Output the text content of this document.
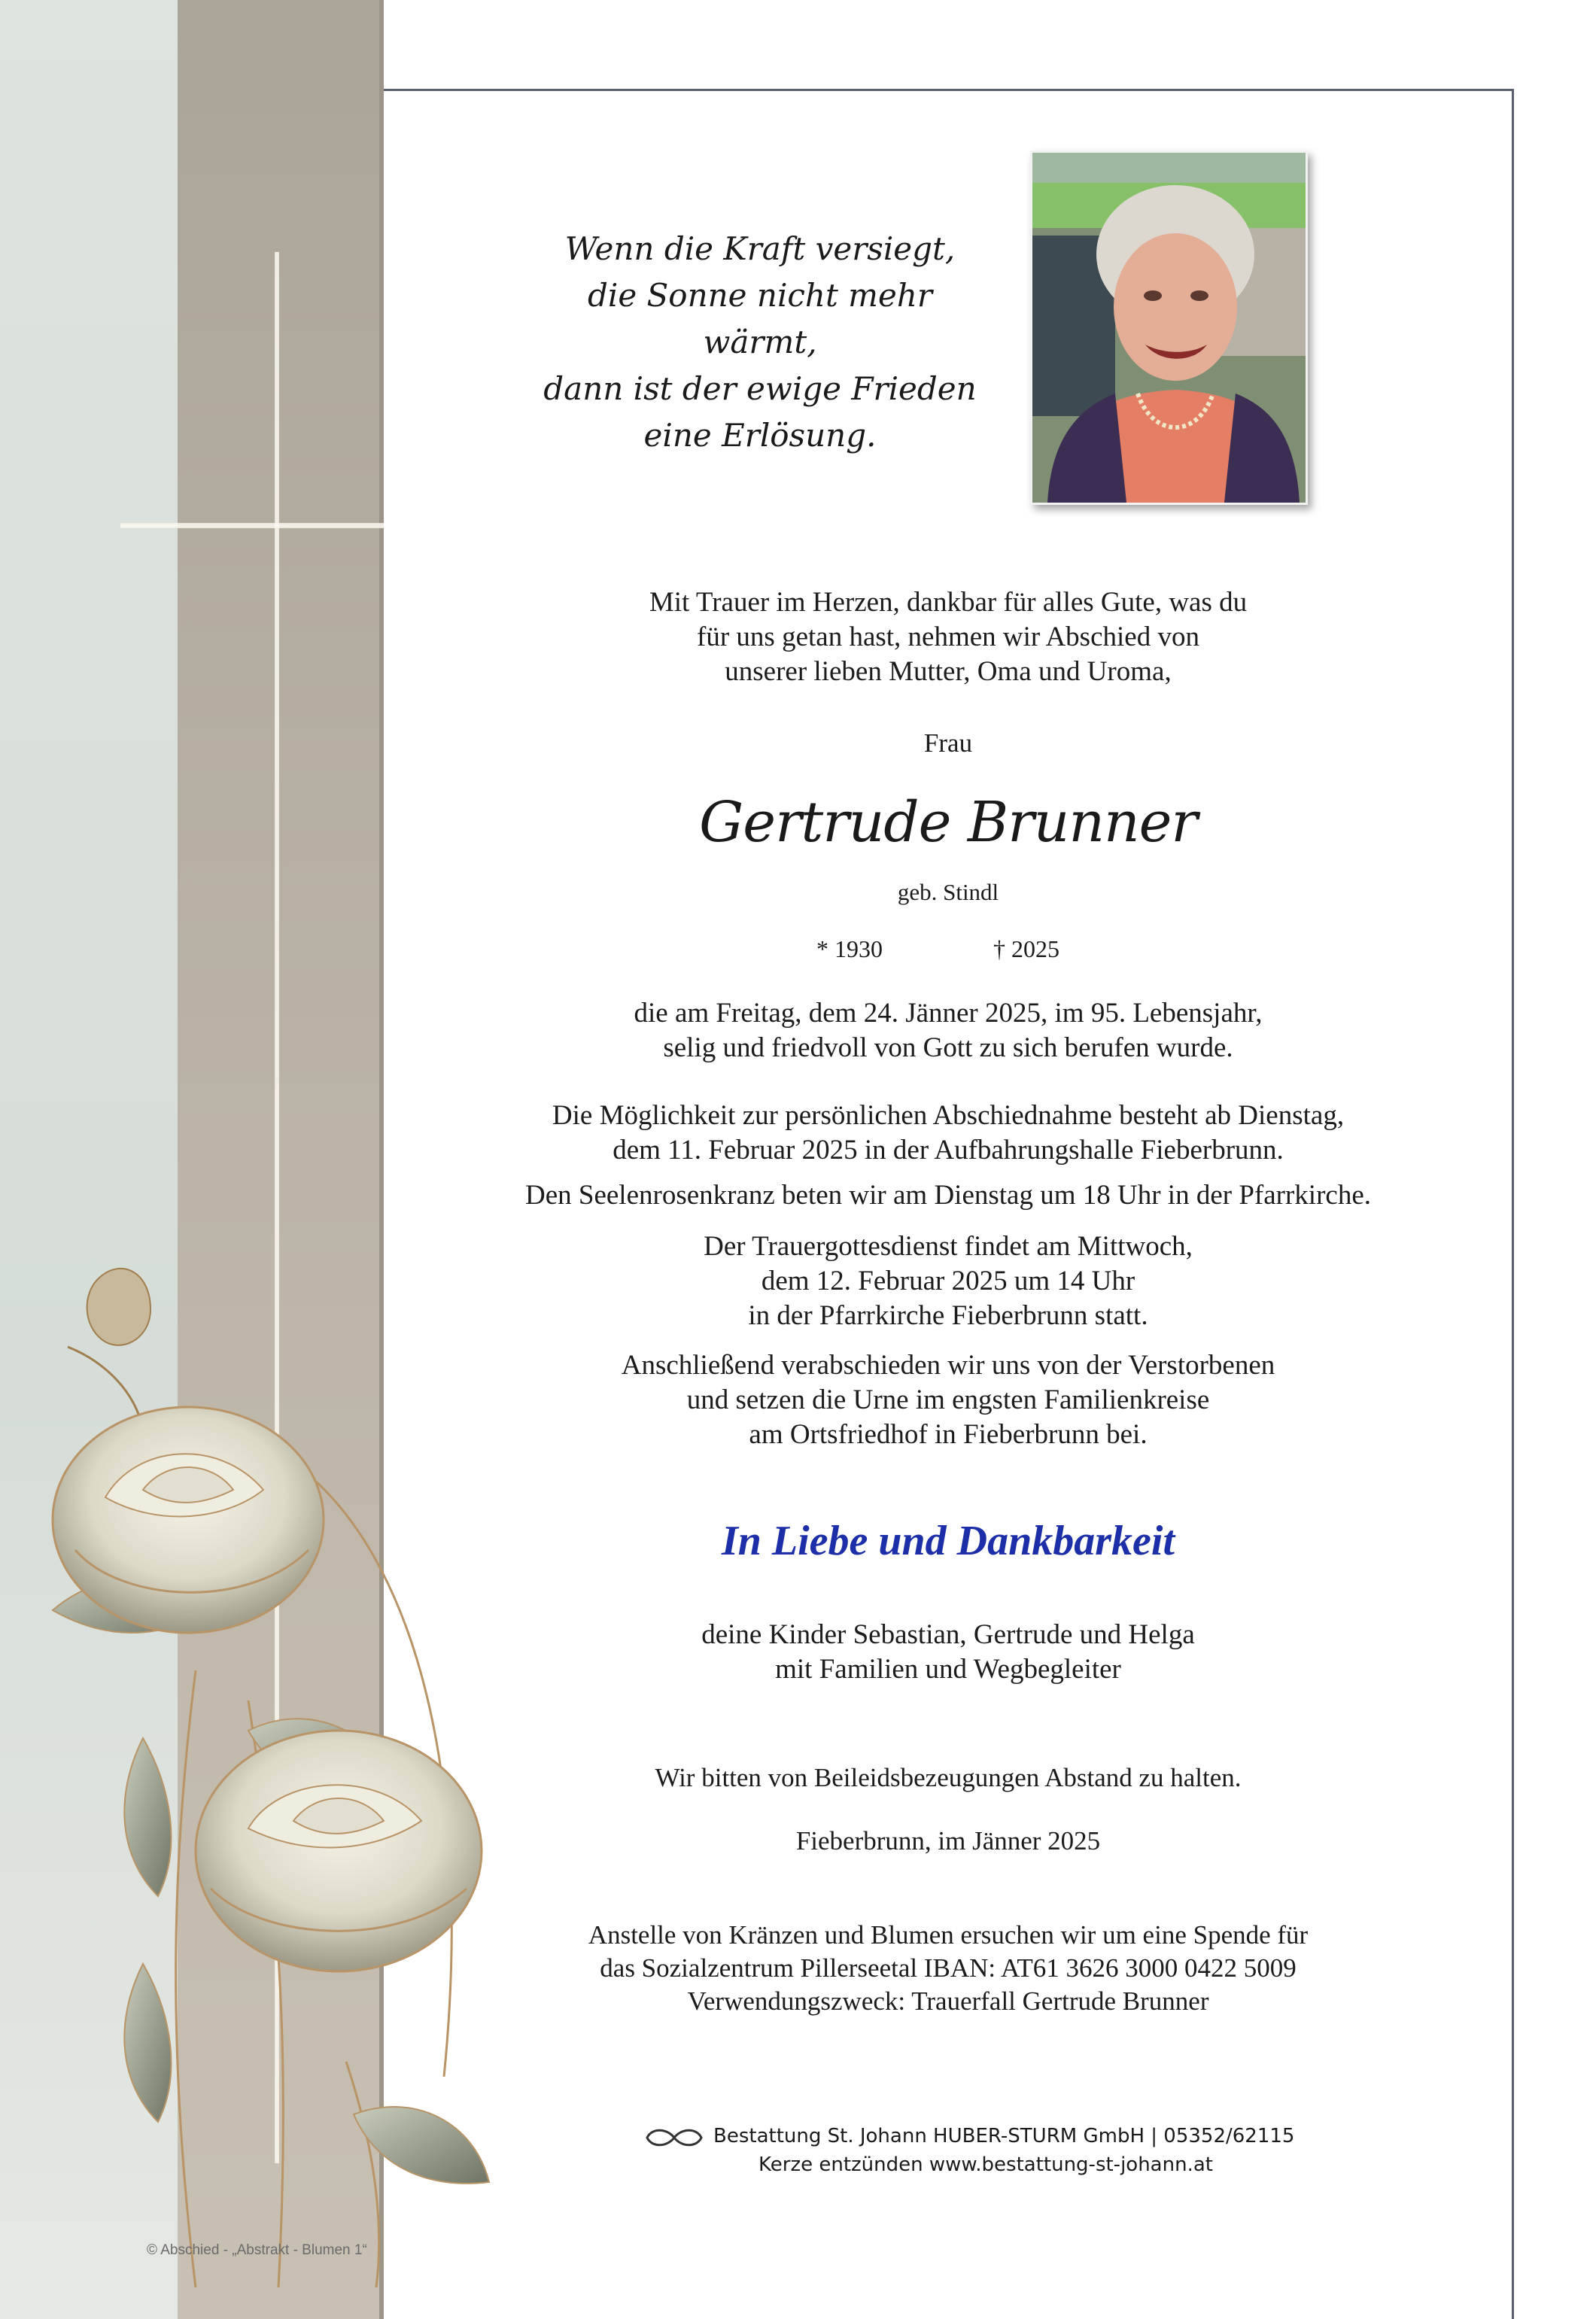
© Abschied - „Abstrakt - Blumen 1“
Wenn die Kraft versiegt,
die Sonne nicht mehr wärmt,
dann ist der ewige Frieden
eine Erlösung.
Mit Trauer im Herzen, dankbar für alles Gute, was du
für uns getan hast, nehmen wir Abschied von
unserer lieben Mutter, Oma und Uroma,
Frau
Gertrude Brunner
geb. Stindl
* 1930	† 2025
die am Freitag, dem 24. Jänner 2025, im 95. Lebensjahr,
selig und friedvoll von Gott zu sich berufen wurde.
Die Möglichkeit zur persönlichen Abschiednahme besteht ab Dienstag,
dem 11. Februar 2025 in der Aufbahrungshalle Fieberbrunn.
Den Seelenrosenkranz beten wir am Dienstag um 18 Uhr in der Pfarrkirche.
Der Trauergottesdienst findet am Mittwoch,
dem 12. Februar 2025 um 14 Uhr
in der Pfarrkirche Fieberbrunn statt.
Anschließend verabschieden wir uns von der Verstorbenen
und setzen die Urne im engsten Familienkreise
am Ortsfriedhof in Fieberbrunn bei.
In Liebe und Dankbarkeit
deine Kinder Sebastian, Gertrude und Helga
mit Familien und Wegbegleiter
Wir bitten von Beileidsbezeugungen Abstand zu halten.
Fieberbrunn, im Jänner 2025
Anstelle von Kränzen und Blumen ersuchen wir um eine Spende für
das Sozialzentrum Pillerseetal IBAN: AT61 3626 3000 0422 5009
Verwendungszweck: Trauerfall Gertrude Brunner
Bestattung St. Johann HUBER-STURM GmbH | 05352/62115
Kerze entzünden www.bestattung-st-johann.at
